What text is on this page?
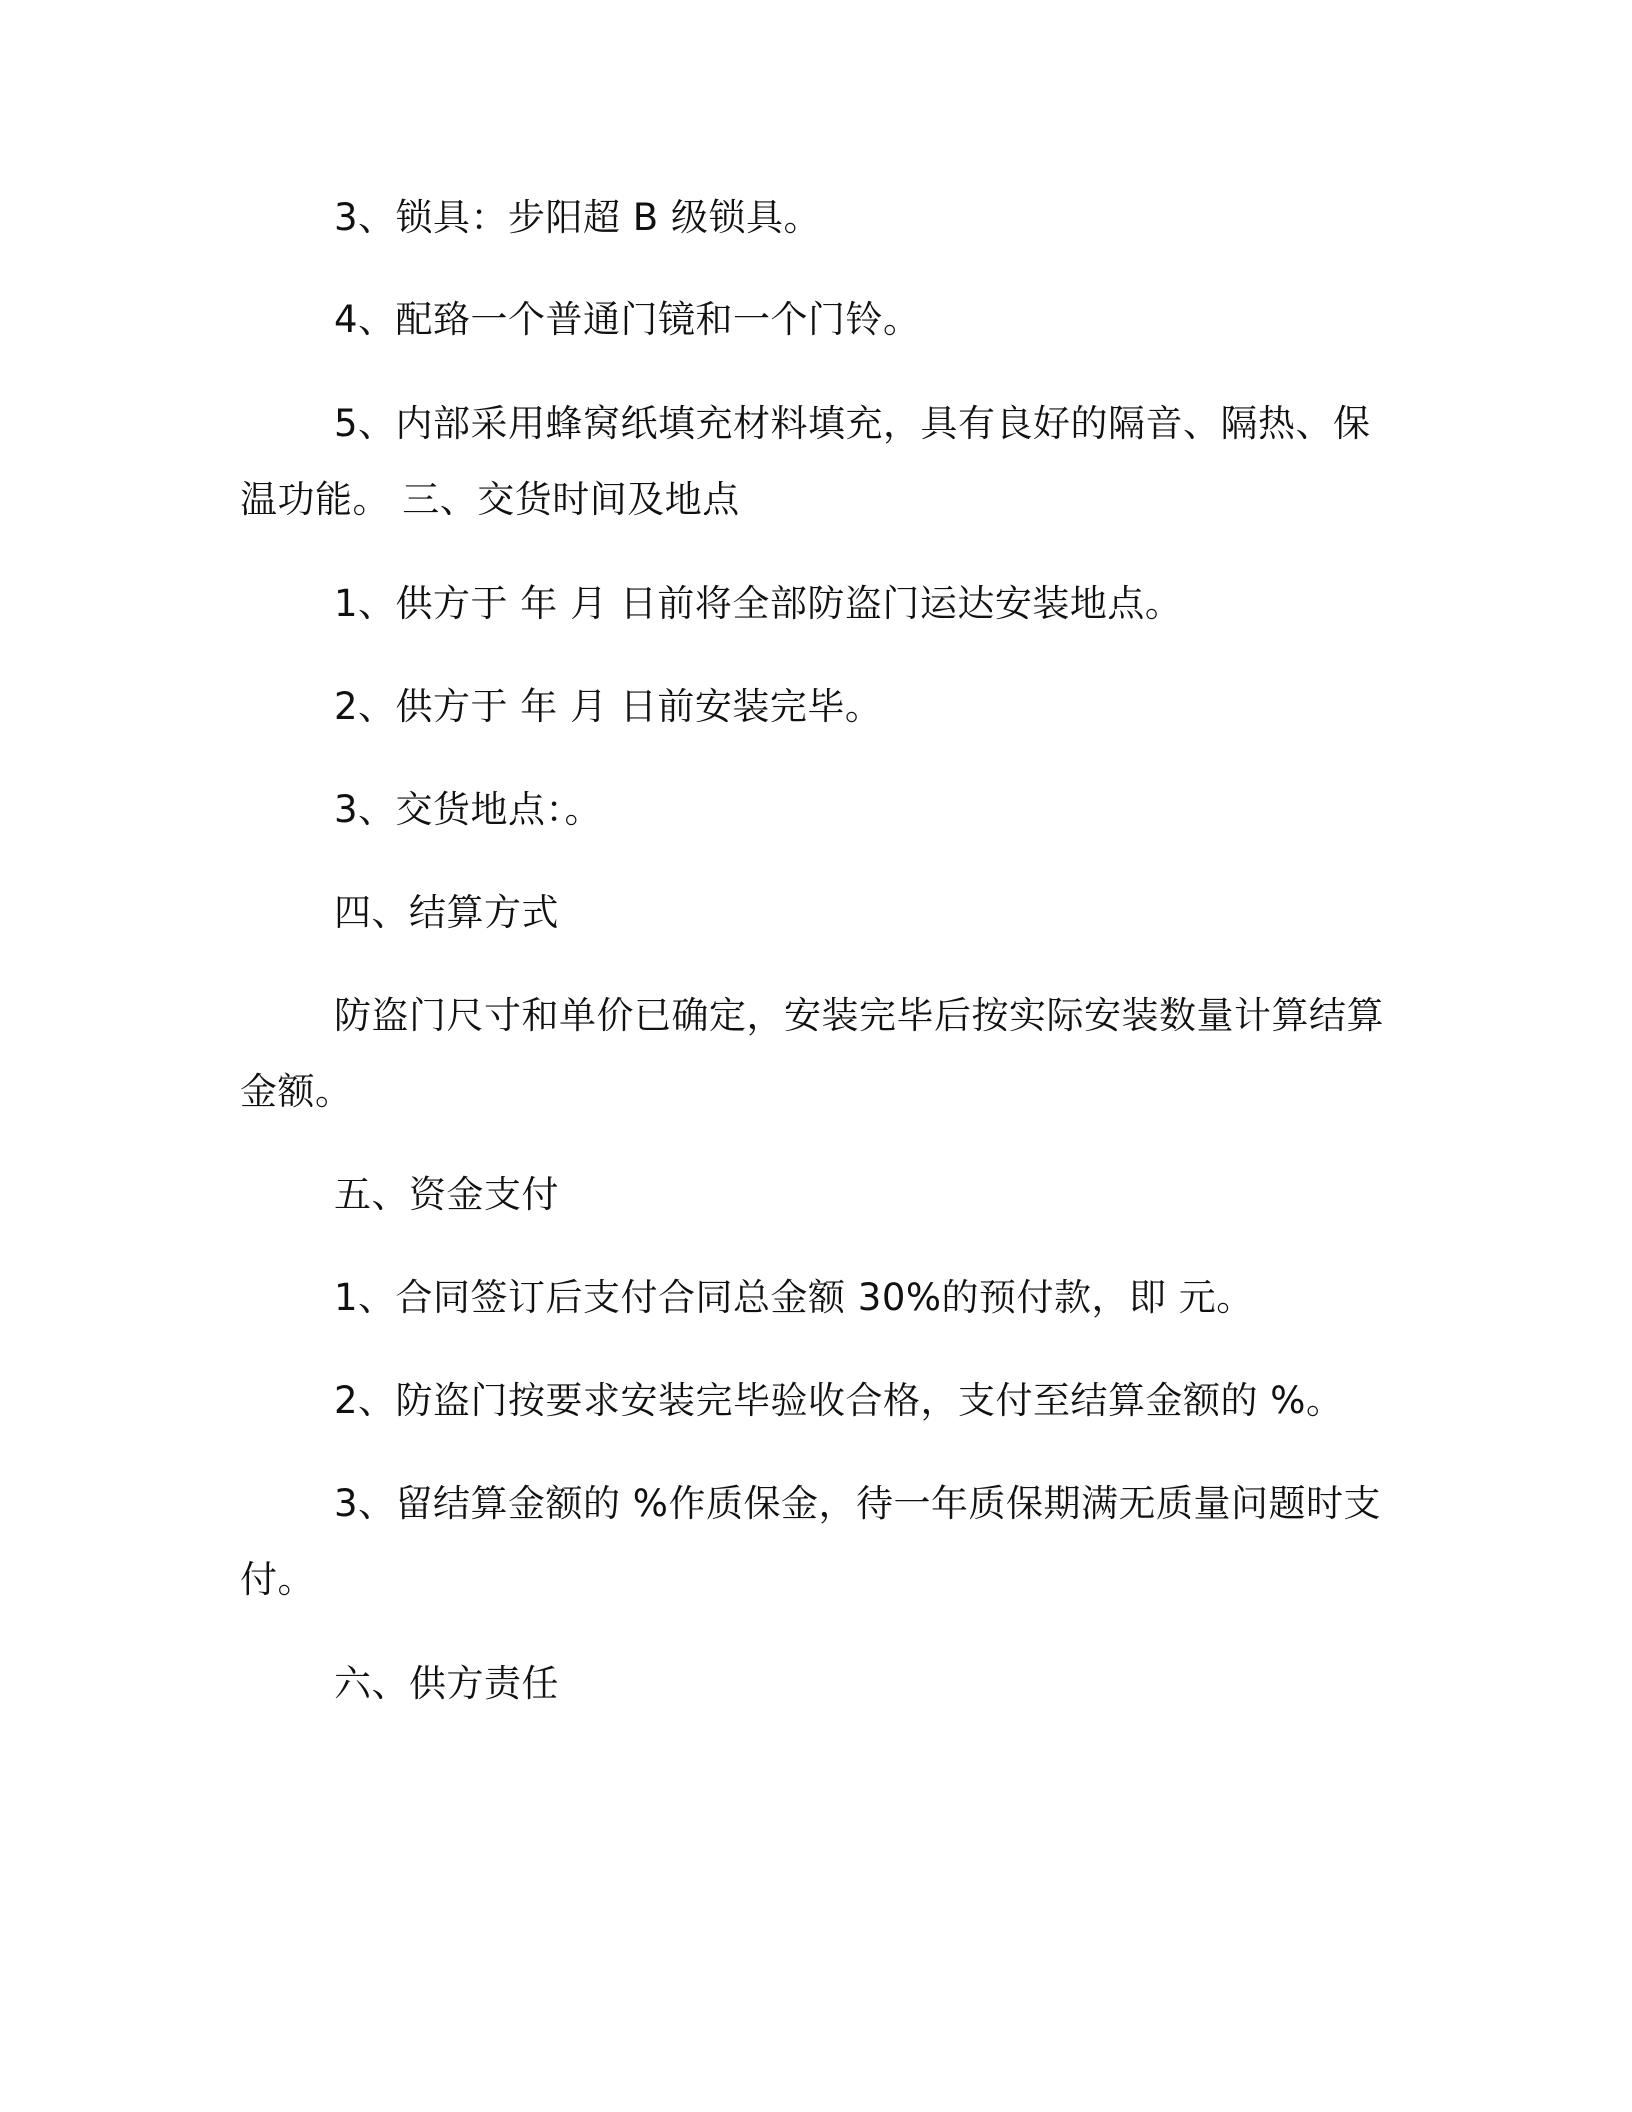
3、锁具：步阳超 B 级锁具。
4、配臵一个普通门镜和一个门铃。
5、内部采用蜂窝纸填充材料填充，具有良好的隔音、隔热、保
温功能。 三、交货时间及地点
1、供方于 年 月 日前将全部防盗门运达安装地点。
2、供方于 年 月 日前安装完毕。
3、交货地点：。
四、结算方式
防盗门尺寸和单价已确定，安装完毕后按实际安装数量计算结算
金额。
五、资金支付
1、合同签订后支付合同总金额 30%的预付款，即 元。
2、防盗门按要求安装完毕验收合格，支付至结算金额的 %。
3、留结算金额的 %作质保金，待一年质保期满无质量问题时支
付。
六、供方责任
